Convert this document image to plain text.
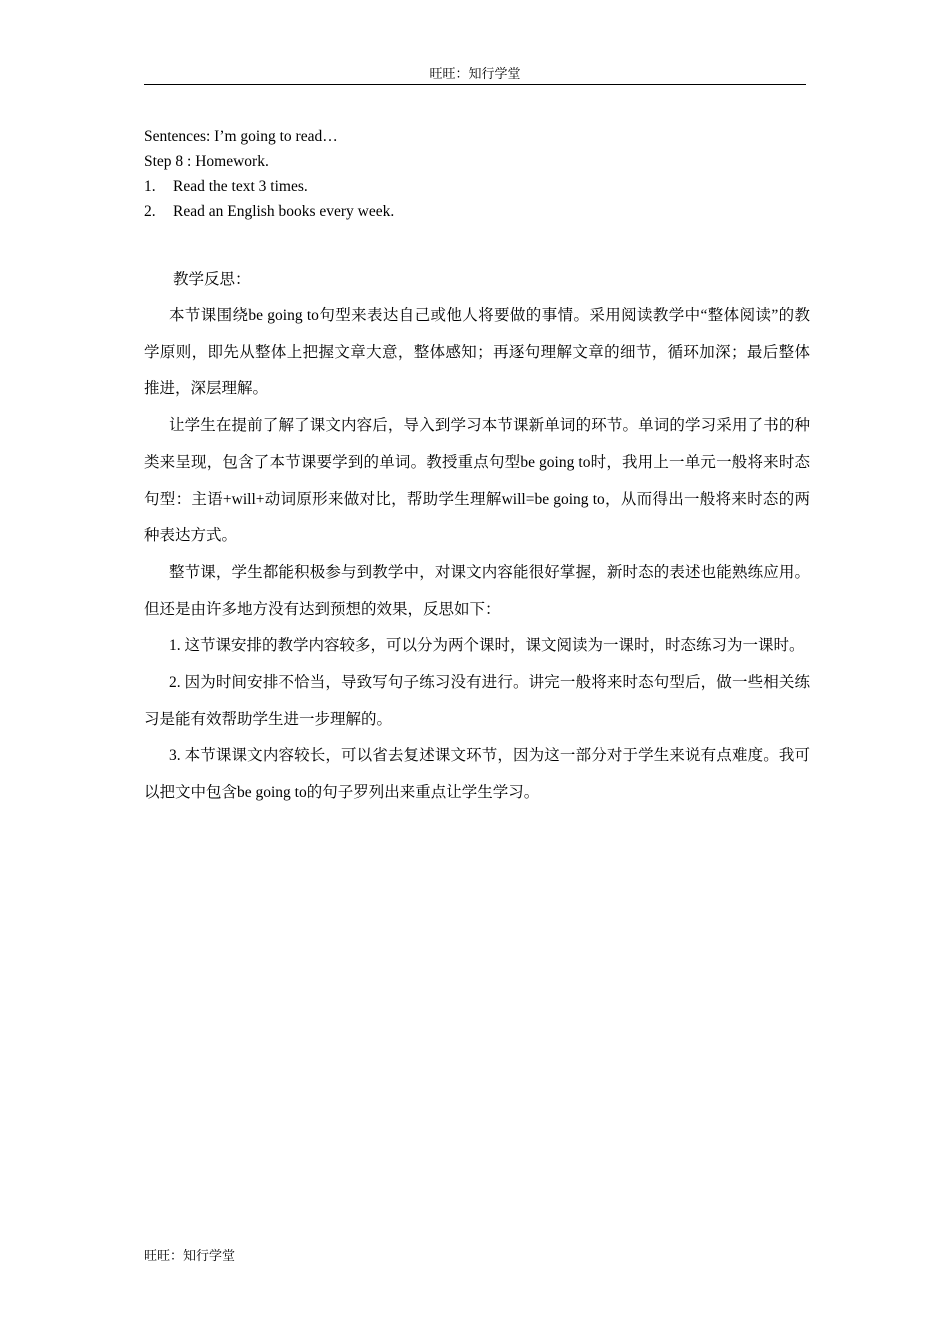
旺旺：知行学堂
Sentences: I’m going to read…
Step 8 : Homework.
1. Read the text 3 times.
2. Read an English books every week.
教学反思：

本节课围绕be going to句型来表达自己或他人将要做的事情。采用阅读教学中“整体阅读”的教学原则，即先从整体上把握文章大意，整体感知；再逐句理解文章的细节，循环加深；最后整体推进，深层理解。

让学生在提前了解了课文内容后，导入到学习本节课新单词的环节。单词的学习采用了书的种类来呈现，包含了本节课要学到的单词。教授重点句型be going to时，我用上一单元一般将来时态句型：主语+will+动词原形来做对比，帮助学生理解will=be going to，从而得出一般将来时态的两种表达方式。

整节课，学生都能积极参与到教学中，对课文内容能很好掌握，新时态的表述也能熟练应用。但还是由许多地方没有达到预想的效果，反思如下：

1. 这节课安排的教学内容较多，可以分为两个课时，课文阅读为一课时，时态练习为一课时。

2. 因为时间安排不恰当，导致写句子练习没有进行。讲完一般将来时态句型后，做一些相关练习是能有效帮助学生进一步理解的。

3. 本节课课文内容较长，可以省去复述课文环节，因为这一部分对于学生来说有点难度。我可以把文中包含be going to的句子罗列出来重点让学生学习。

旺旺：知行学堂
